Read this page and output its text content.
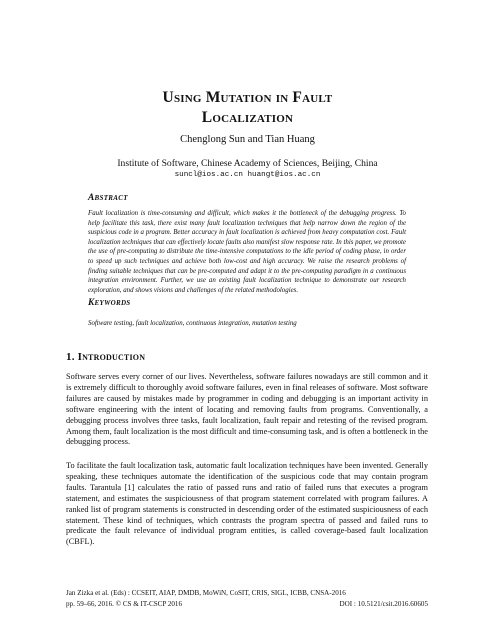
Using Mutation in Fault
Localization
Chenglong Sun and Tian Huang
Institute of Software, Chinese Academy of Sciences, Beijing, China
suncl@ios.ac.cn huangt@ios.ac.cn
Abstract
Fault localization is time-consuming and difficult, which makes it the bottleneck of the debugging progress. To help facilitate this task, there exist many fault localization techniques that help narrow down the region of the suspicious code in a program. Better accuracy in fault localization is achieved from heavy computation cost. Fault localization techniques that can effectively locate faults also manifest slow response rate. In this paper, we promote the use of pre-computing to distribute the time-intensive computations to the idle period of coding phase, in order to speed up such techniques and achieve both low-cost and high accuracy. We raise the research problems of finding suitable techniques that can be pre-computed and adapt it to the pre-computing paradigm in a continuous integration environment. Further, we use an existing fault localization technique to demonstrate our research exploration, and shows visions and challenges of the related methodologies.
Keywords
Software testing, fault localization, continuous integration, mutation testing
1. Introduction
Software serves every corner of our lives. Nevertheless, software failures nowadays are still common and it is extremely difficult to thoroughly avoid software failures, even in final releases of software. Most software failures are caused by mistakes made by programmer in coding and debugging is an important activity in software engineering with the intent of locating and removing faults from programs. Conventionally, a debugging process involves three tasks, fault localization, fault repair and retesting of the revised program. Among them, fault localization is the most difficult and time-consuming task, and is often a bottleneck in the debugging process.
To facilitate the fault localization task, automatic fault localization techniques have been invented. Generally speaking, these techniques automate the identification of the suspicious code that may contain program faults. Tarantula [1] calculates the ratio of passed runs and ratio of failed runs that executes a program statement, and estimates the suspiciousness of that program statement correlated with program failures. A ranked list of program statements is constructed in descending order of the estimated suspiciousness of each statement. These kind of techniques, which contrasts the program spectra of passed and failed runs to predicate the fault relevance of individual program entities, is called coverage-based fault localization (CBFL).
Jan Zizka et al. (Eds) : CCSEIT, AIAP, DMDB, MoWiN, CoSIT, CRIS, SIGL, ICBB, CNSA-2016
pp. 59–66, 2016. © CS & IT-CSCP 2016	DOI : 10.5121/csit.2016.60605
